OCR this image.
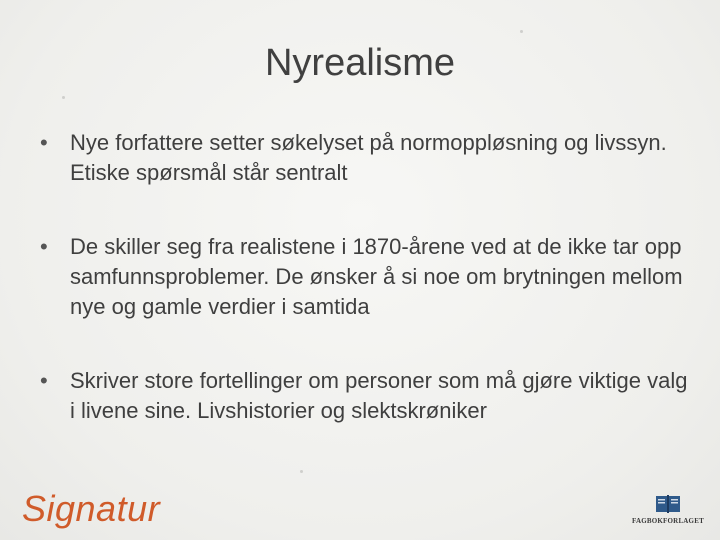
Nyrealisme
• Nye forfattere setter søkelyset på normoppløsning og livssyn. Etiske spørsmål står sentralt
• De skiller seg fra realistene i 1870-årene ved at de ikke tar opp samfunnsproblemer. De ønsker å si noe om brytningen mellom nye og gamle verdier i samtida
• Skriver store fortellinger om personer som må gjøre viktige valg i livene sine. Livshistorier og slektskrøniker
Signatur	FAGBOKFORLAGET
